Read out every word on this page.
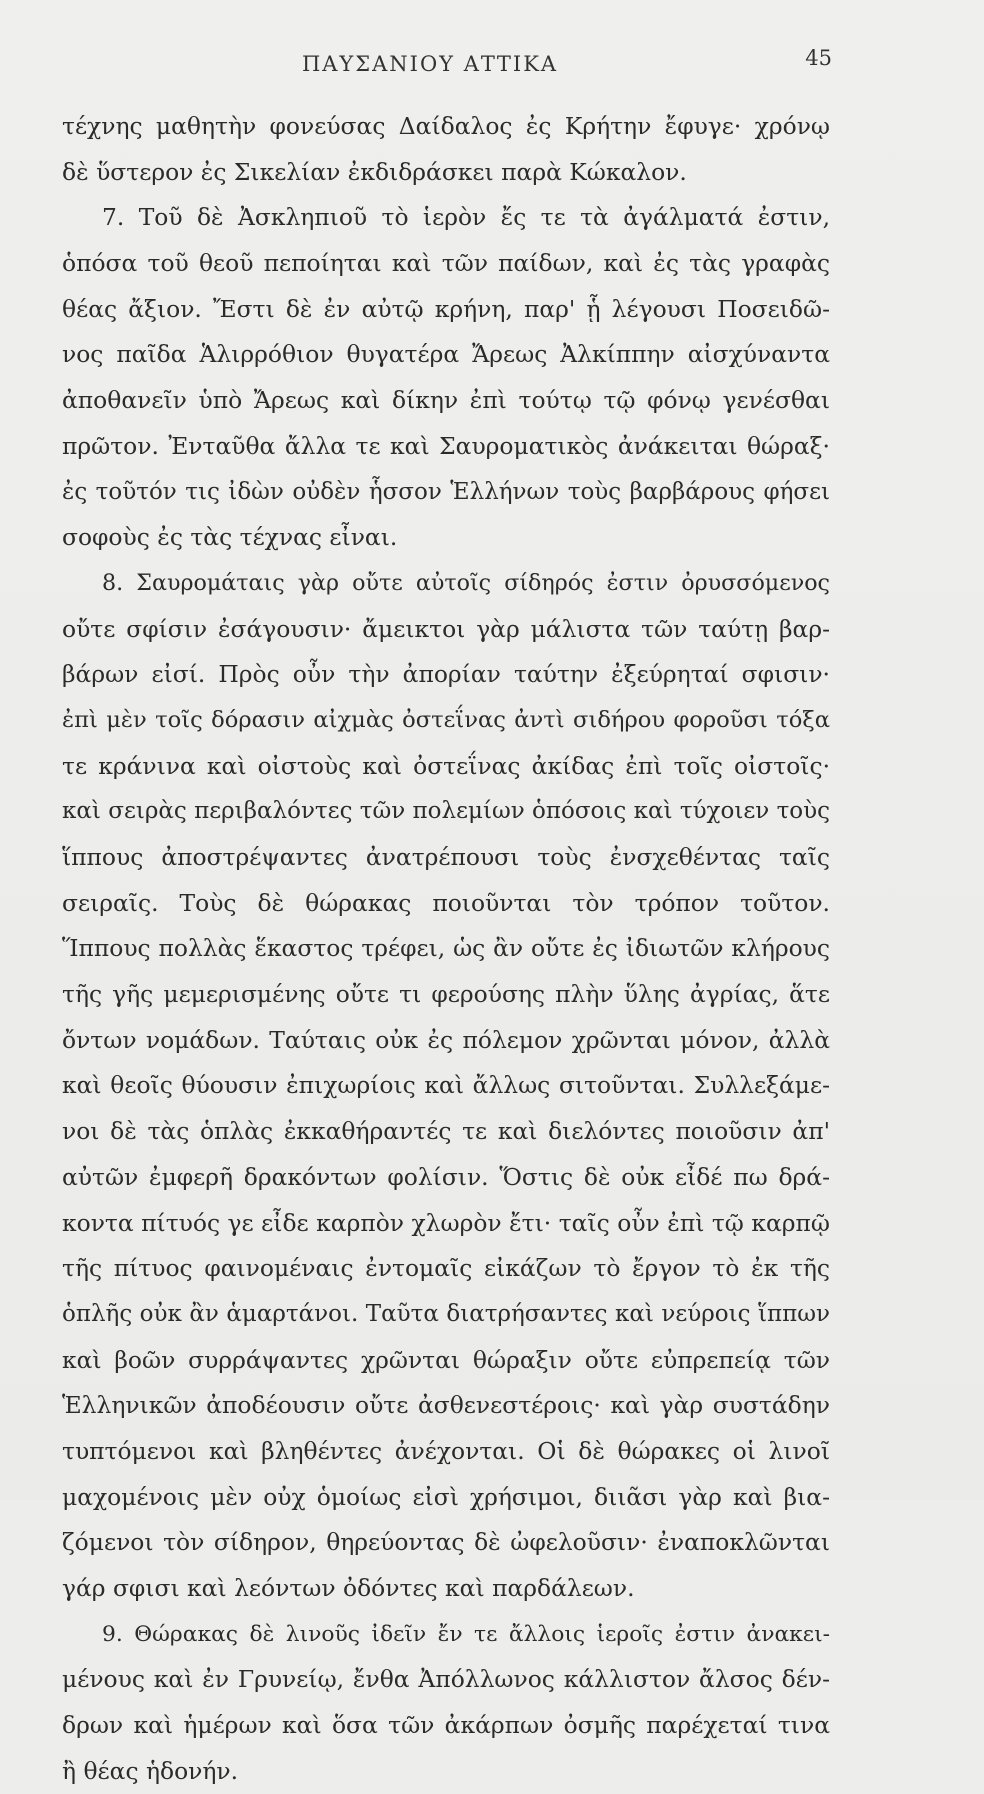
ΠΑΥΣΑΝΙΟΥ ΑΤΤΙΚΑ	45
τέχνης μαθητὴν φονεύσας Δαίδαλος ἐς Κρήτην ἔφυγε· χρόνῳ
δὲ ὕστερον ἐς Σικελίαν ἐκδιδράσκει παρὰ Κώκαλον.
7. Τοῦ δὲ Ἀσκληπιοῦ τὸ ἱερὸν ἔς τε τὰ ἀγάλματά ἐστιν,
ὁπόσα τοῦ θεοῦ πεποίηται καὶ τῶν παίδων, καὶ ἐς τὰς γραφὰς
θέας ἄξιον. Ἔστι δὲ ἐν αὐτῷ κρήνη, παρ' ᾗ λέγουσι Ποσειδῶ-
νος παῖδα Ἁλιρρόθιον θυγατέρα Ἄρεως Ἀλκίππην αἰσχύναντα
ἀποθανεῖν ὑπὸ Ἄρεως καὶ δίκην ἐπὶ τούτῳ τῷ φόνῳ γενέσθαι
πρῶτον. Ἐνταῦθα ἄλλα τε καὶ Σαυροματικὸς ἀνάκειται θώραξ·
ἐς τοῦτόν τις ἰδὼν οὐδὲν ἧσσον Ἑλλήνων τοὺς βαρβάρους φήσει
σοφοὺς ἐς τὰς τέχνας εἶναι.
8. Σαυρομάταις γὰρ οὔτε αὐτοῖς σίδηρός ἐστιν ὀρυσσόμενος
οὔτε σφίσιν ἐσάγουσιν· ἄμεικτοι γὰρ μάλιστα τῶν ταύτῃ βαρ-
βάρων εἰσί. Πρὸς οὖν τὴν ἀπορίαν ταύτην ἐξεύρηταί σφισιν·
ἐπὶ μὲν τοῖς δόρασιν αἰχμὰς ὀστεΐνας ἀντὶ σιδήρου φοροῦσι τόξα
τε κράνινα καὶ οἰστοὺς καὶ ὀστεΐνας ἀκίδας ἐπὶ τοῖς οἰστοῖς·
καὶ σειρὰς περιβαλόντες τῶν πολεμίων ὁπόσοις καὶ τύχοιεν τοὺς
ἵππους ἀποστρέψαντες ἀνατρέπουσι τοὺς ἐνσχεθέντας ταῖς
σειραῖς. Τοὺς δὲ θώρακας ποιοῦνται τὸν τρόπον τοῦτον.
Ἵππους πολλὰς ἕκαστος τρέφει, ὡς ἂν οὔτε ἐς ἰδιωτῶν κλήρους
τῆς γῆς μεμερισμένης οὔτε τι φερούσης πλὴν ὕλης ἀγρίας, ἅτε
ὄντων νομάδων. Ταύταις οὐκ ἐς πόλεμον χρῶνται μόνον, ἀλλὰ
καὶ θεοῖς θύουσιν ἐπιχωρίοις καὶ ἄλλως σιτοῦνται. Συλλεξάμε-
νοι δὲ τὰς ὁπλὰς ἐκκαθήραντές τε καὶ διελόντες ποιοῦσιν ἀπ'
αὐτῶν ἐμφερῆ δρακόντων φολίσιν. Ὅστις δὲ οὐκ εἶδέ πω δρά-
κοντα πίτυός γε εἶδε καρπὸν χλωρὸν ἔτι· ταῖς οὖν ἐπὶ τῷ καρπῷ
τῆς πίτυος φαινομέναις ἐντομαῖς εἰκάζων τὸ ἔργον τὸ ἐκ τῆς
ὁπλῆς οὐκ ἂν ἁμαρτάνοι. Ταῦτα διατρήσαντες καὶ νεύροις ἵππων
καὶ βοῶν συρράψαντες χρῶνται θώραξιν οὔτε εὐπρεπείᾳ τῶν
Ἑλληνικῶν ἀποδέουσιν οὔτε ἀσθενεστέροις· καὶ γὰρ συστάδην
τυπτόμενοι καὶ βληθέντες ἀνέχονται. Οἱ δὲ θώρακες οἱ λινοῖ
μαχομένοις μὲν οὐχ ὁμοίως εἰσὶ χρήσιμοι, διιᾶσι γὰρ καὶ βια-
ζόμενοι τὸν σίδηρον, θηρεύοντας δὲ ὠφελοῦσιν· ἐναποκλῶνται
γάρ σφισι καὶ λεόντων ὀδόντες καὶ παρδάλεων.
9. Θώρακας δὲ λινοῦς ἰδεῖν ἔν τε ἄλλοις ἱεροῖς ἐστιν ἀνακει-
μένους καὶ ἐν Γρυνείῳ, ἔνθα Ἀπόλλωνος κάλλιστον ἄλσος δέν-
δρων καὶ ἡμέρων καὶ ὅσα τῶν ἀκάρπων ὀσμῆς παρέχεταί τινα
ἢ θέας ἡδονήν.
